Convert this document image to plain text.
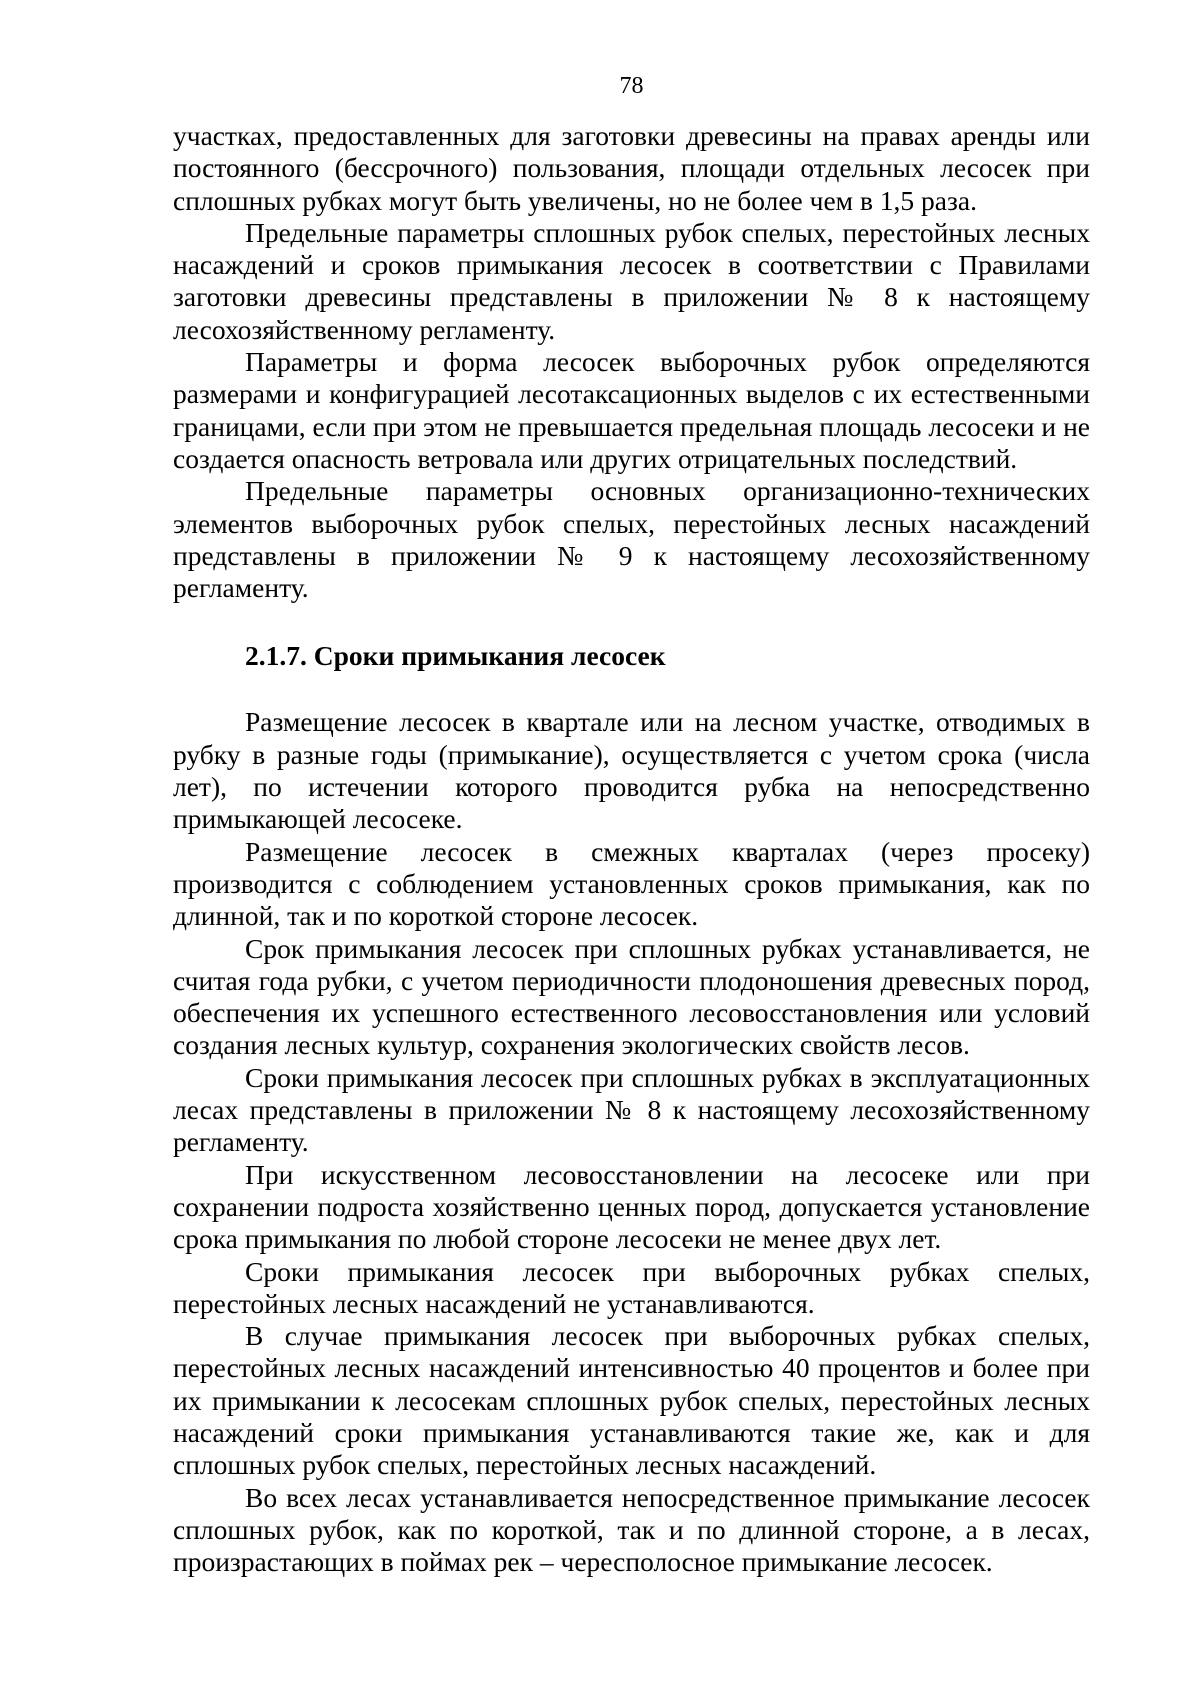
78

участках, предоставленных для заготовки древесины на правах аренды или постоянного (бессрочного) пользования, площади отдельных лесосек при сплошных рубках могут быть увеличены, но не более чем в 1,5 раза.

Предельные параметры сплошных рубок спелых, перестойных лесных насаждений и сроков примыкания лесосек в соответствии с Правилами заготовки древесины представлены в приложении № 8 к настоящему лесохозяйственному регламенту.

Параметры и форма лесосек выборочных рубок определяются размерами и конфигурацией лесотаксационных выделов с их естественными границами, если при этом не превышается предельная площадь лесосеки и не создается опасность ветровала или других отрицательных последствий.

Предельные параметры основных организационно-технических элементов выборочных рубок спелых, перестойных лесных насаждений представлены в приложении № 9 к настоящему лесохозяйственному регламенту.

2.1.7. Сроки примыкания лесосек

Размещение лесосек в квартале или на лесном участке, отводимых в рубку в разные годы (примыкание), осуществляется с учетом срока (числа лет), по истечении которого проводится рубка на непосредственно примыкающей лесосеке.

Размещение лесосек в смежных кварталах (через просеку) производится с соблюдением установленных сроков примыкания, как по длинной, так и по короткой стороне лесосек.

Срок примыкания лесосек при сплошных рубках устанавливается, не считая года рубки, с учетом периодичности плодоношения древесных пород, обеспечения их успешного естественного лесовосстановления или условий создания лесных культур, сохранения экологических свойств лесов.

Сроки примыкания лесосек при сплошных рубках в эксплуатационных лесах представлены в приложении № 8 к настоящему лесохозяйственному регламенту.

При искусственном лесовосстановлении на лесосеке или при сохранении подроста хозяйственно ценных пород, допускается установление срока примыкания по любой стороне лесосеки не менее двух лет.

Сроки примыкания лесосек при выборочных рубках спелых, перестойных лесных насаждений не устанавливаются.

В случае примыкания лесосек при выборочных рубках спелых, перестойных лесных насаждений интенсивностью 40 процентов и более при их примыкании к лесосекам сплошных рубок спелых, перестойных лесных насаждений сроки примыкания устанавливаются такие же, как и для сплошных рубок спелых, перестойных лесных насаждений.

Во всех лесах устанавливается непосредственное примыкание лесосек сплошных рубок, как по короткой, так и по длинной стороне, а в лесах, произрастающих в поймах рек – чересполосное примыкание лесосек.
